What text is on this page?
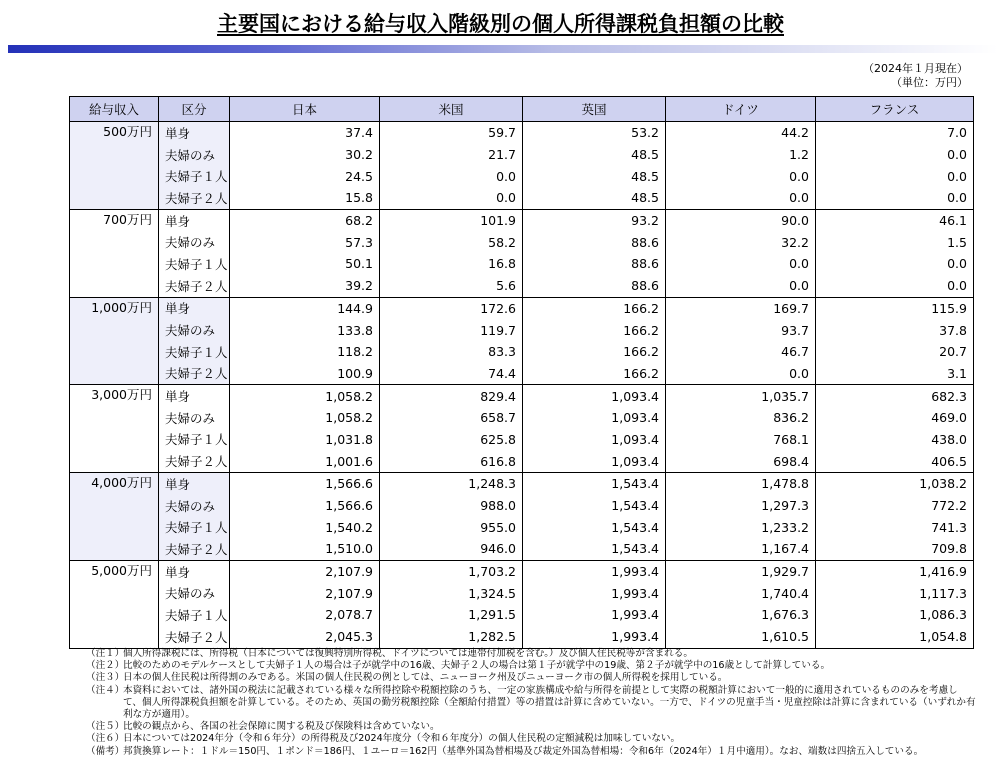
主要国における給与収入階級別の個人所得課税負担額の比較
（2024年１月現在）
（単位：万円）
給与収入	区分	日本	米国	英国	ドイツ	フランス
500万円	単身	37.4	59.7	53.2	44.2	7.0
	夫婦のみ	30.2	21.7	48.5	1.2	0.0
	夫婦子１人	24.5	0.0	48.5	0.0	0.0
	夫婦子２人	15.8	0.0	48.5	0.0	0.0
700万円	単身	68.2	101.9	93.2	90.0	46.1
	夫婦のみ	57.3	58.2	88.6	32.2	1.5
	夫婦子１人	50.1	16.8	88.6	0.0	0.0
	夫婦子２人	39.2	5.6	88.6	0.0	0.0
1,000万円	単身	144.9	172.6	166.2	169.7	115.9
	夫婦のみ	133.8	119.7	166.2	93.7	37.8
	夫婦子１人	118.2	83.3	166.2	46.7	20.7
	夫婦子２人	100.9	74.4	166.2	0.0	3.1
3,000万円	単身	1,058.2	829.4	1,093.4	1,035.7	682.3
	夫婦のみ	1,058.2	658.7	1,093.4	836.2	469.0
	夫婦子１人	1,031.8	625.8	1,093.4	768.1	438.0
	夫婦子２人	1,001.6	616.8	1,093.4	698.4	406.5
4,000万円	単身	1,566.6	1,248.3	1,543.4	1,478.8	1,038.2
	夫婦のみ	1,566.6	988.0	1,543.4	1,297.3	772.2
	夫婦子１人	1,540.2	955.0	1,543.4	1,233.2	741.3
	夫婦子２人	1,510.0	946.0	1,543.4	1,167.4	709.8
5,000万円	単身	2,107.9	1,703.2	1,993.4	1,929.7	1,416.9
	夫婦のみ	2,107.9	1,324.5	1,993.4	1,740.4	1,117.3
	夫婦子１人	2,078.7	1,291.5	1,993.4	1,676.3	1,086.3
	夫婦子２人	2,045.3	1,282.5	1,993.4	1,610.5	1,054.8
（注１）
個人所得課税には、所得税（日本については復興特別所得税、ドイツについては連帯付加税を含む。）及び個人住民税等が含まれる。
（注２）
比較のためのモデルケースとして夫婦子１人の場合は子が就学中の16歳、夫婦子２人の場合は第１子が就学中の19歳、第２子が就学中の16歳として計算している。
（注３）
日本の個人住民税は所得割のみである。米国の個人住民税の例としては、ニューヨーク州及びニューヨーク市の個人所得税を採用している。
（注４）
本資料においては、諸外国の税法に記載されている様々な所得控除や税額控除のうち、一定の家族構成や給与所得を前提として実際の税額計算において一般的に適用されているもののみを考慮して、個人所得課税負担額を計算している。そのため、英国の勤労税額控除（全額給付措置）等の措置は計算に含めていない。一方で、ドイツの児童手当・児童控除は計算に含まれている（いずれか有利な方が適用）。
（注５）
比較の観点から、各国の社会保障に関する税及び保険料は含めていない。
（注６）
日本については2024年分（令和６年分）の所得税及び2024年度分（令和６年度分）の個人住民税の定額減税は加味していない。
（備考）
邦貨換算レート：１ドル＝150円、１ポンド＝186円、１ユーロ＝162円（基準外国為替相場及び裁定外国為替相場：令和6年（2024年）１月中適用）。なお、端数は四捨五入している。
